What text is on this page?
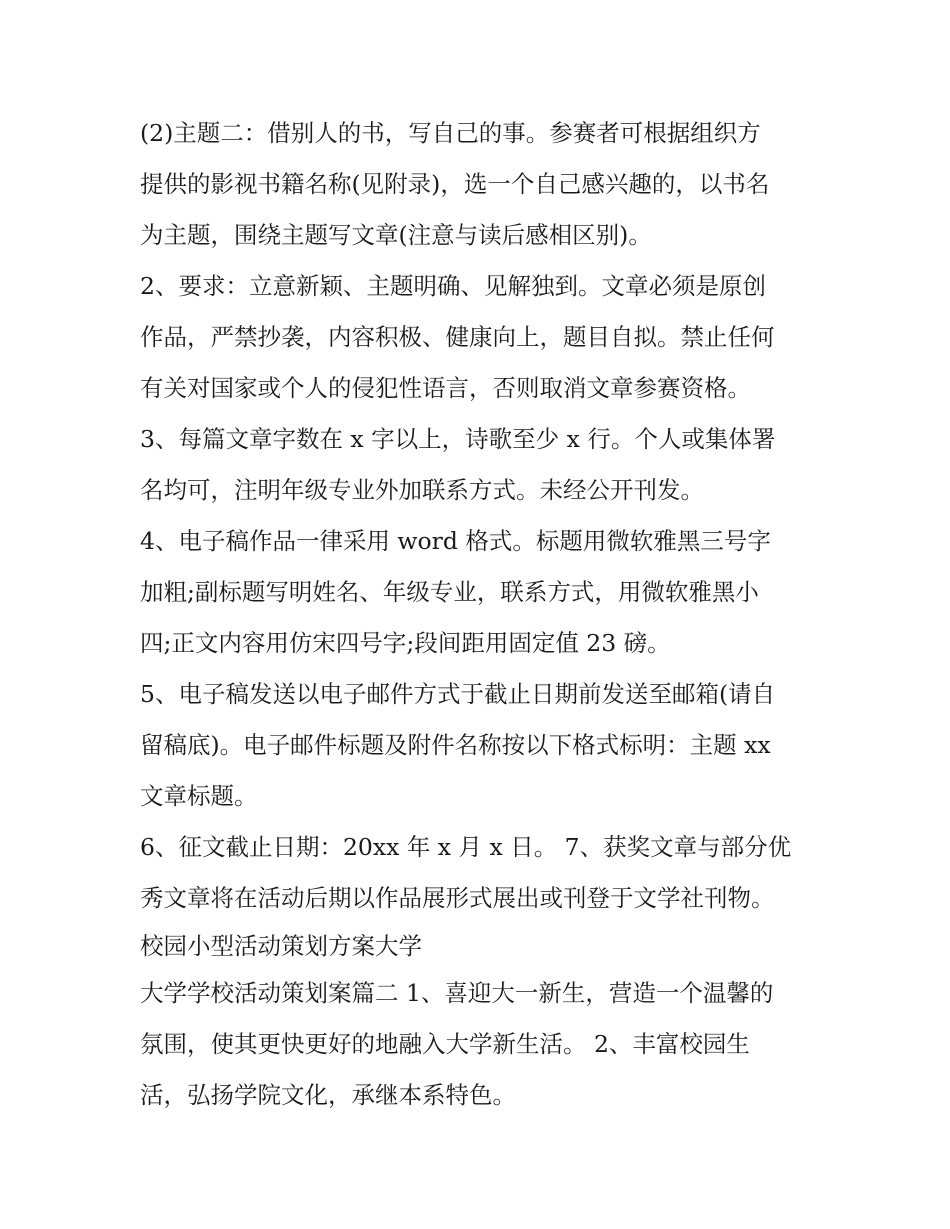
(2)主题二：借别人的书，写自己的事。参赛者可根据组织方
提供的影视书籍名称(见附录)，选一个自己感兴趣的，以书名
为主题，围绕主题写文章(注意与读后感相区别)。

2、要求：立意新颖、主题明确、见解独到。文章必须是原创
作品，严禁抄袭，内容积极、健康向上，题目自拟。禁止任何
有关对国家或个人的侵犯性语言，否则取消文章参赛资格。

3、每篇文章字数在 x 字以上，诗歌至少 x 行。个人或集体署
名均可，注明年级专业外加联系方式。未经公开刊发。

4、电子稿作品一律采用 word 格式。标题用微软雅黑三号字
加粗;副标题写明姓名、年级专业，联系方式，用微软雅黑小
四;正文内容用仿宋四号字;段间距用固定值 23 磅。

5、电子稿发送以电子邮件方式于截止日期前发送至邮箱(请自
留稿底)。电子邮件标题及附件名称按以下格式标明：主题 xx
文章标题。

6、征文截止日期：20xx 年 x 月 x 日。 7、获奖文章与部分优
秀文章将在活动后期以作品展形式展出或刊登于文学社刊物。

校园小型活动策划方案大学

大学学校活动策划案篇二 1、喜迎大一新生，营造一个温馨的
氛围，使其更快更好的地融入大学新生活。 2、丰富校园生
活，弘扬学院文化，承继本系特色。
